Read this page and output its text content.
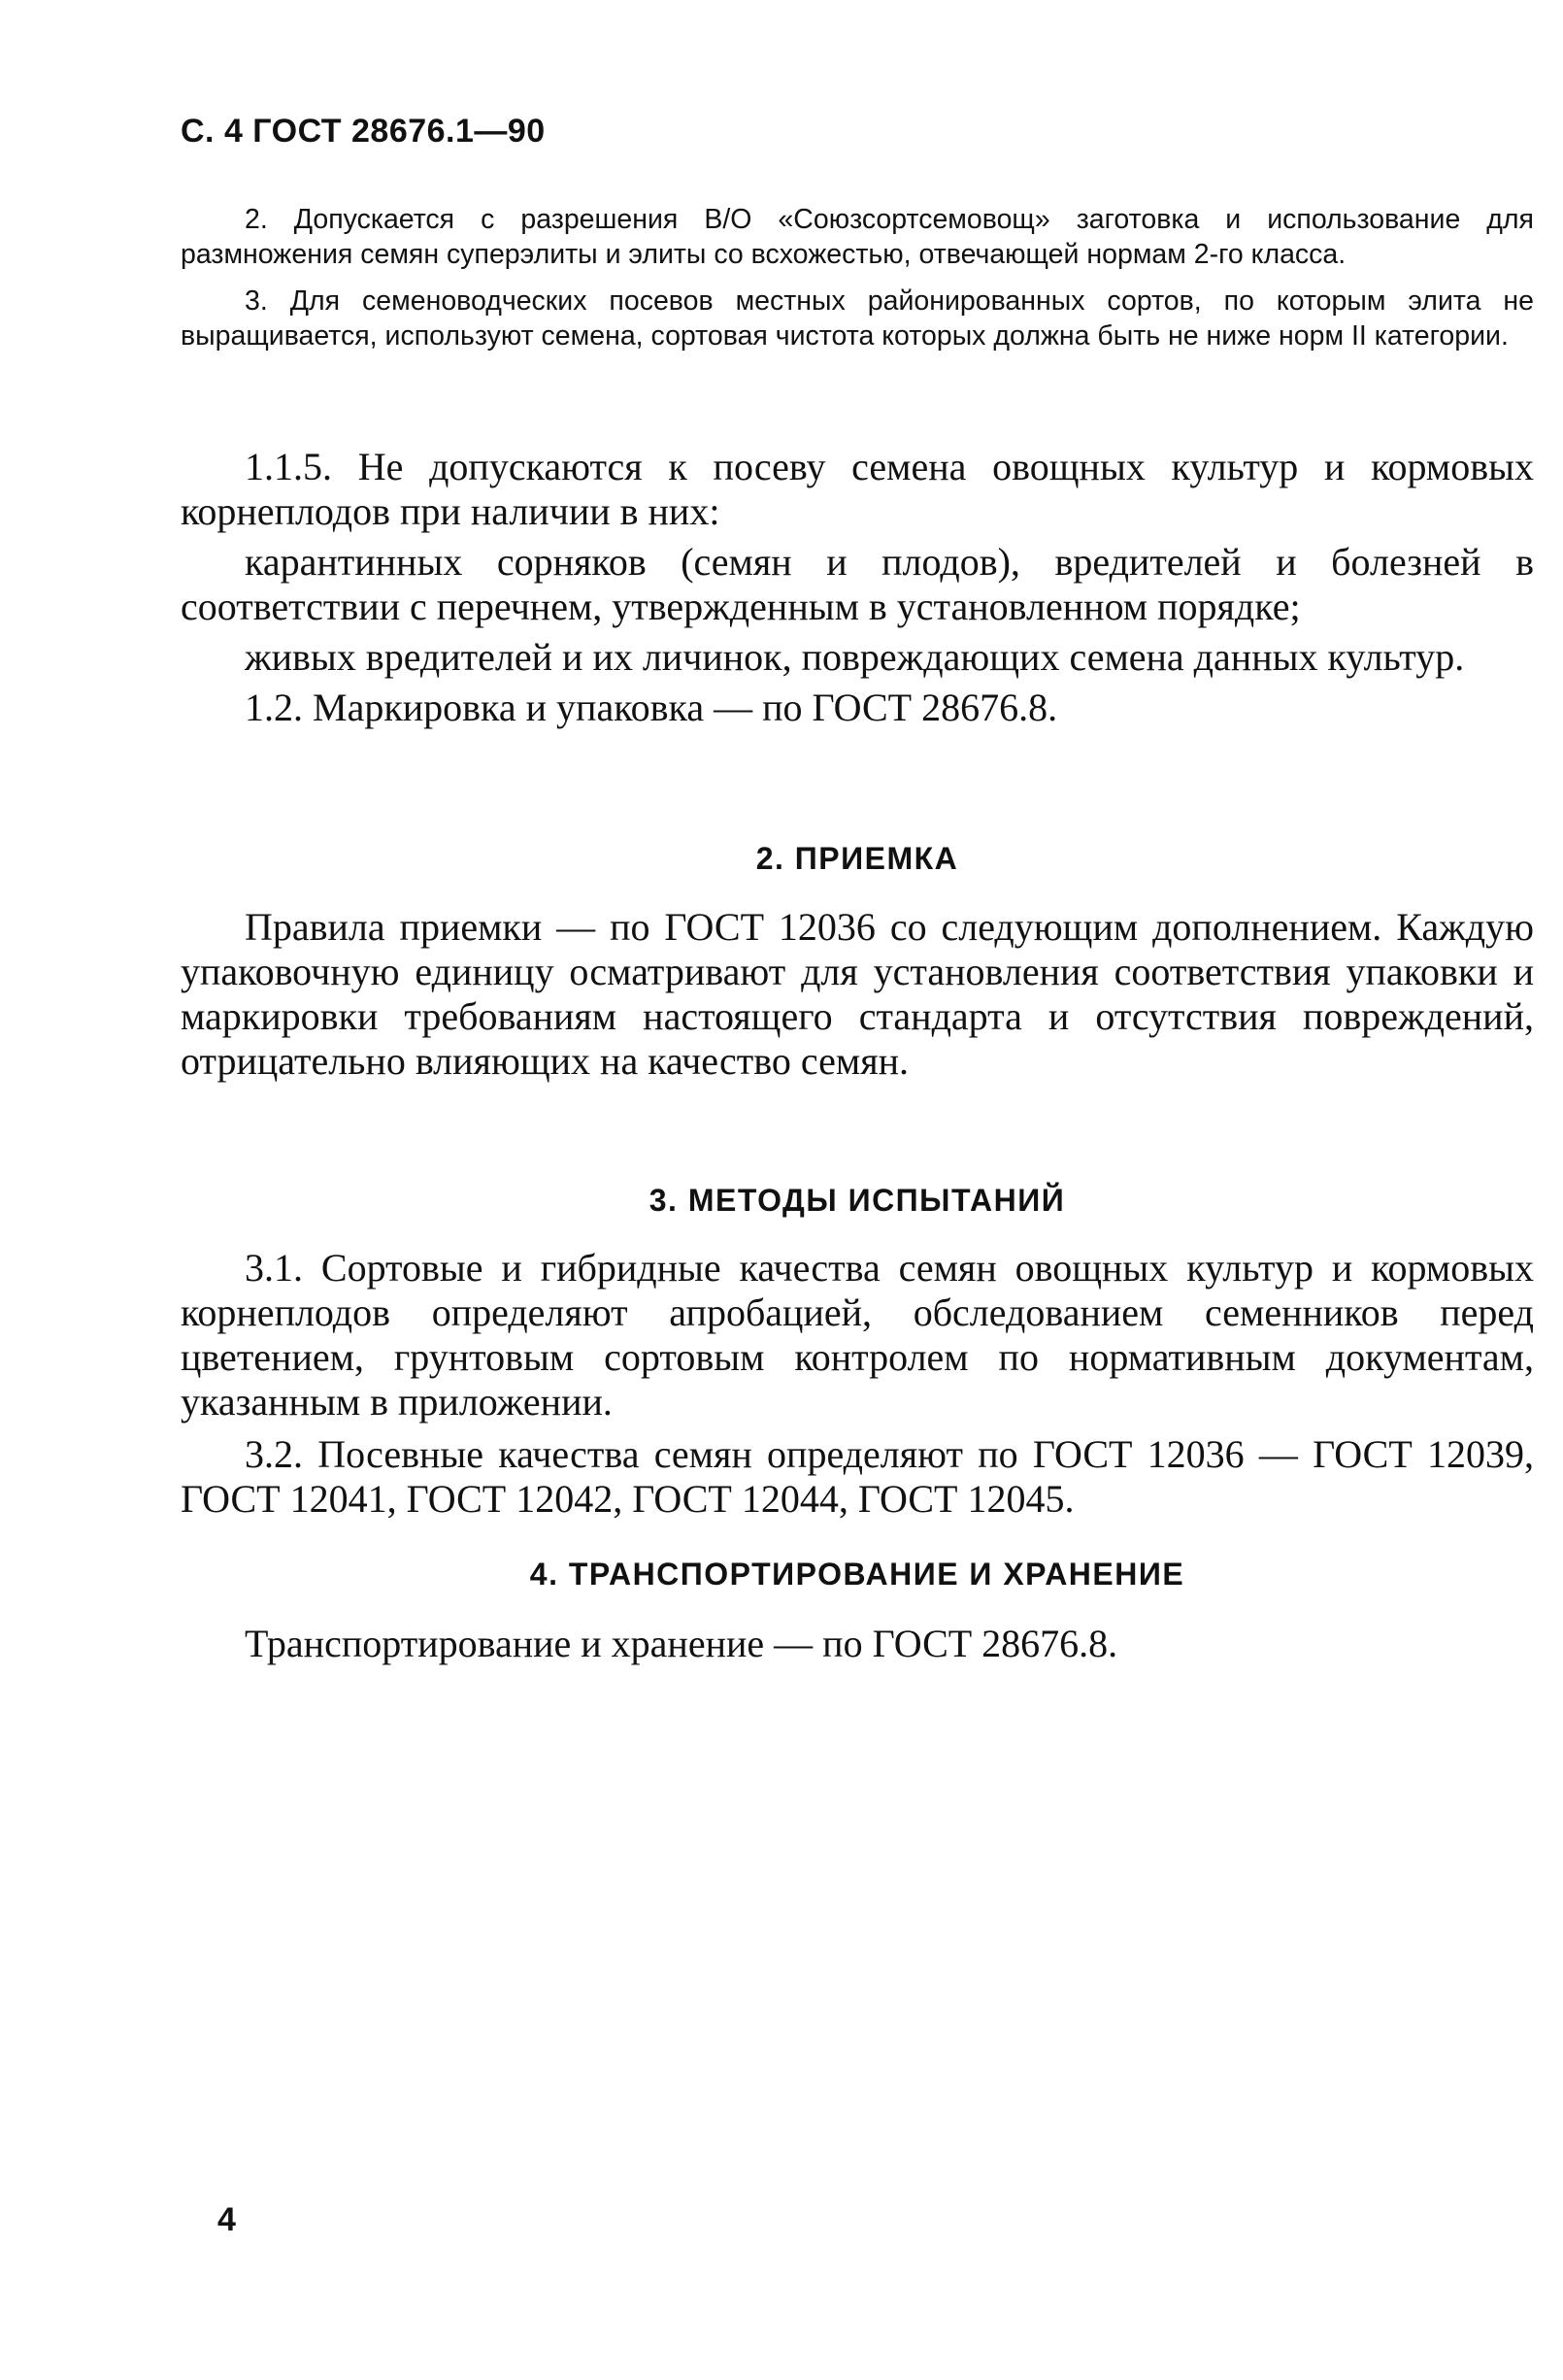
С. 4 ГОСТ 28676.1—90

2. Допускается с разрешения В/О «Союзсортсемовощ» заготовка и использование для размножения семян суперэлиты и элиты со всхожестью, отвечающей нормам 2-го класса.

3. Для семеноводческих посевов местных районированных сортов, по которым элита не выращивается, используют семена, сортовая чистота которых должна быть не ниже норм II категории.

1.1.5. Не допускаются к посеву семена овощных культур и кормовых корнеплодов при наличии в них:

карантинных сорняков (семян и плодов), вредителей и болезней в соответствии с перечнем, утвержденным в установленном порядке;

живых вредителей и их личинок, повреждающих семена данных культур.

1.2. Маркировка и упаковка — по ГОСТ 28676.8.

2. ПРИЕМКА

Правила приемки — по ГОСТ 12036 со следующим дополнением. Каждую упаковочную единицу осматривают для установления соответствия упаковки и маркировки требованиям настоящего стандарта и отсутствия повреждений, отрицательно влияющих на качество семян.

3. МЕТОДЫ ИСПЫТАНИЙ

3.1. Сортовые и гибридные качества семян овощных культур и кормовых корнеплодов определяют апробацией, обследованием семенников перед цветением, грунтовым сортовым контролем по нормативным документам, указанным в приложении.

3.2. Посевные качества семян определяют по ГОСТ 12036 — ГОСТ 12039, ГОСТ 12041, ГОСТ 12042, ГОСТ 12044, ГОСТ 12045.

4. ТРАНСПОРТИРОВАНИЕ И ХРАНЕНИЕ

Транспортирование и хранение — по ГОСТ 28676.8.

4
